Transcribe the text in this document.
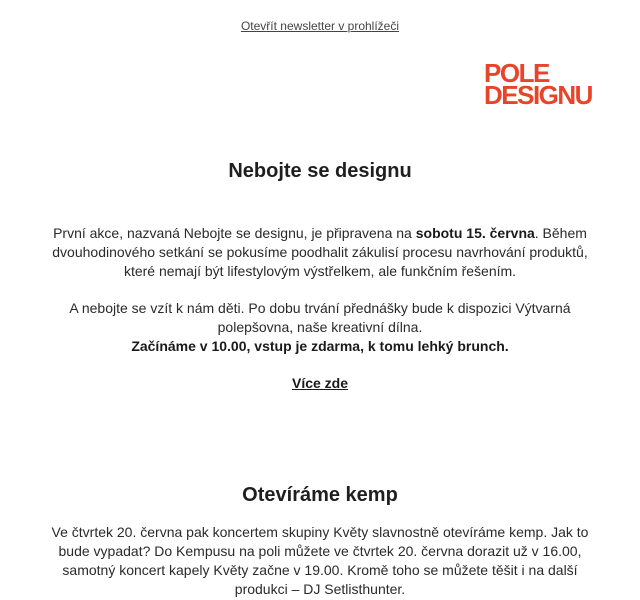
Otevřít newsletter v prohlížeči
POLE
DESIGNU
Nebojte se designu
První akce, nazvaná Nebojte se designu, je připravena na sobotu 15. června. Během dvouhodinového setkání se pokusíme poodhalit zákulisí procesu navrhování produktů, které nemají být lifestylovým výstřelkem, ale funkčním řešením.
A nebojte se vzít k nám děti. Po dobu trvání přednášky bude k dispozici Výtvarná polepšovna, naše kreativní dílna.
Začínáme v 10.00, vstup je zdarma, k tomu lehký brunch.
Více zde
Otevíráme kemp
Ve čtvrtek 20. června pak koncertem skupiny Květy slavnostně otevíráme kemp. Jak to bude vypadat? Do Kempusu na poli můžete ve čtvrtek 20. června dorazit už v 16.00, samotný koncert kapely Květy začne v 19.00. Kromě toho se můžete těšit i na další produkci – DJ Setlisthunter.
